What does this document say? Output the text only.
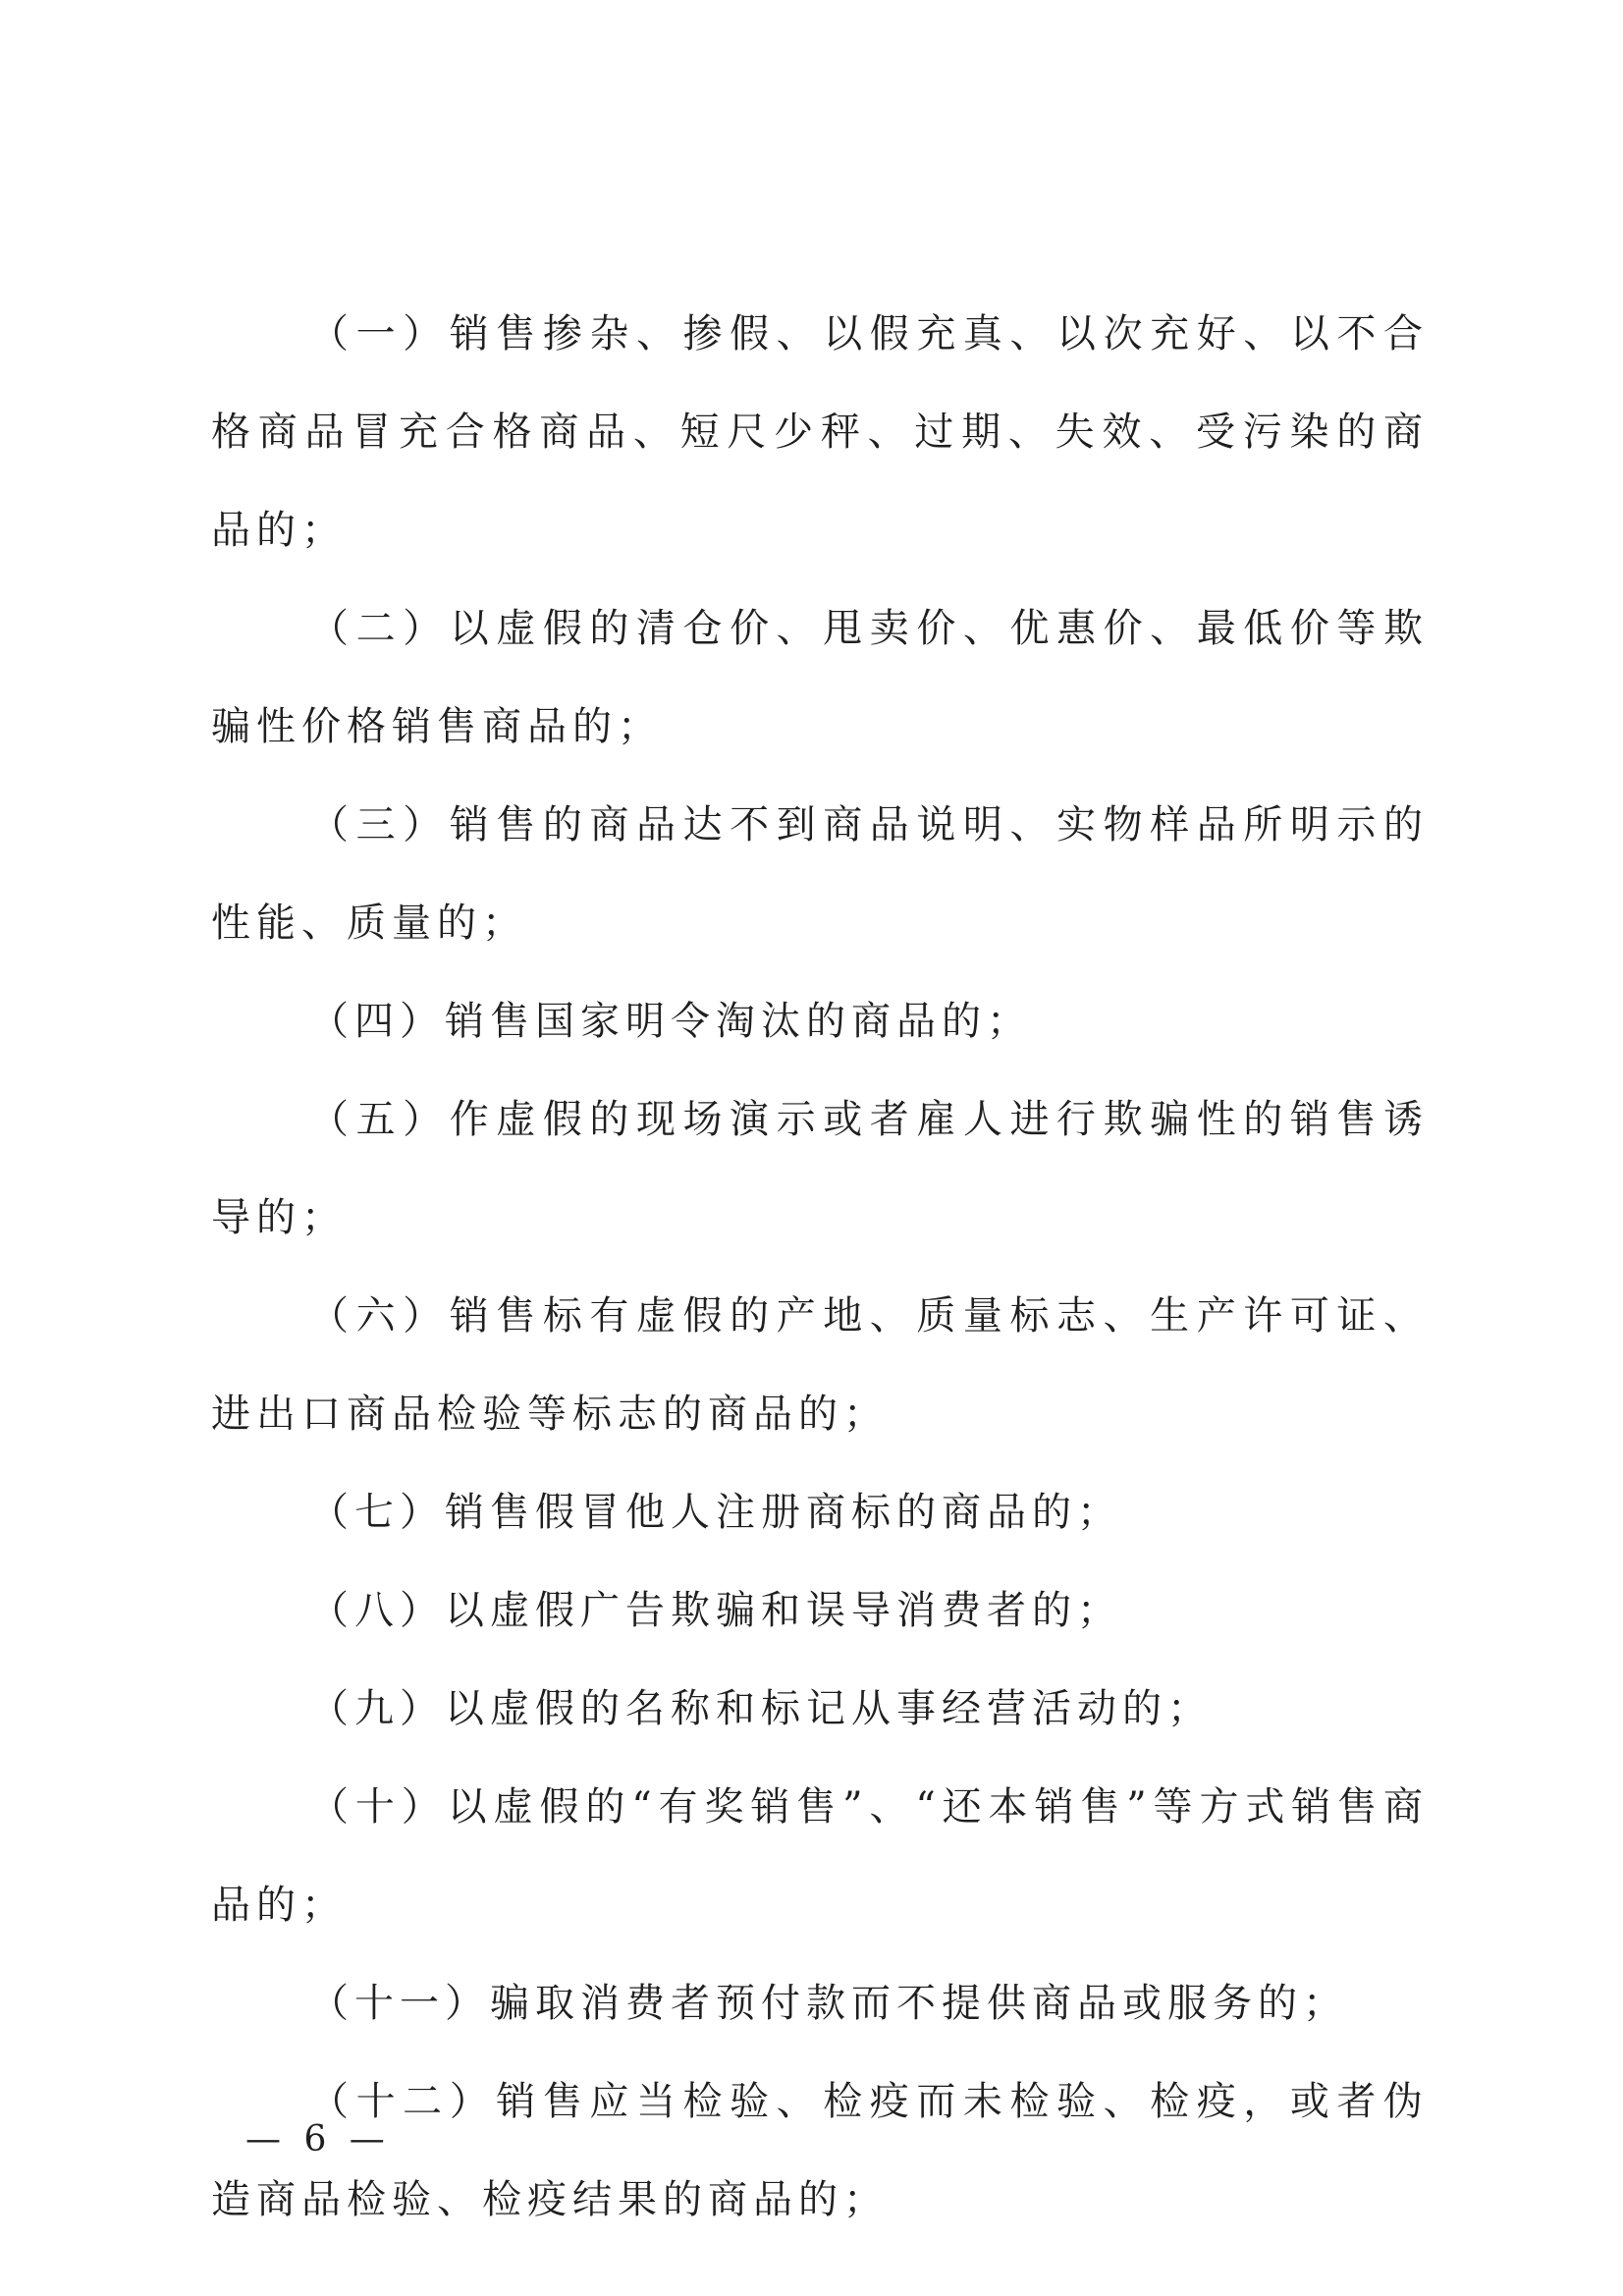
（一）销售掺杂、掺假、以假充真、以次充好、以不合格商品冒充合格商品、短尺少秤、过期、失效、受污染的商品的；

（二）以虚假的清仓价、甩卖价、优惠价、最低价等欺骗性价格销售商品的；

（三）销售的商品达不到商品说明、实物样品所明示的性能、质量的；

（四）销售国家明令淘汰的商品的；

（五）作虚假的现场演示或者雇人进行欺骗性的销售诱导的；

（六）销售标有虚假的产地、质量标志、生产许可证、进出口商品检验等标志的商品的；

（七）销售假冒他人注册商标的商品的；

（八）以虚假广告欺骗和误导消费者的；

（九）以虚假的名称和标记从事经营活动的；

（十）以虚假的“有奖销售”、“还本销售”等方式销售商品的；

（十一）骗取消费者预付款而不提供商品或服务的；

（十二）销售应当检验、检疫而未检验、检疫，或者伪造商品检验、检疫结果的商品的；

— 6 —
